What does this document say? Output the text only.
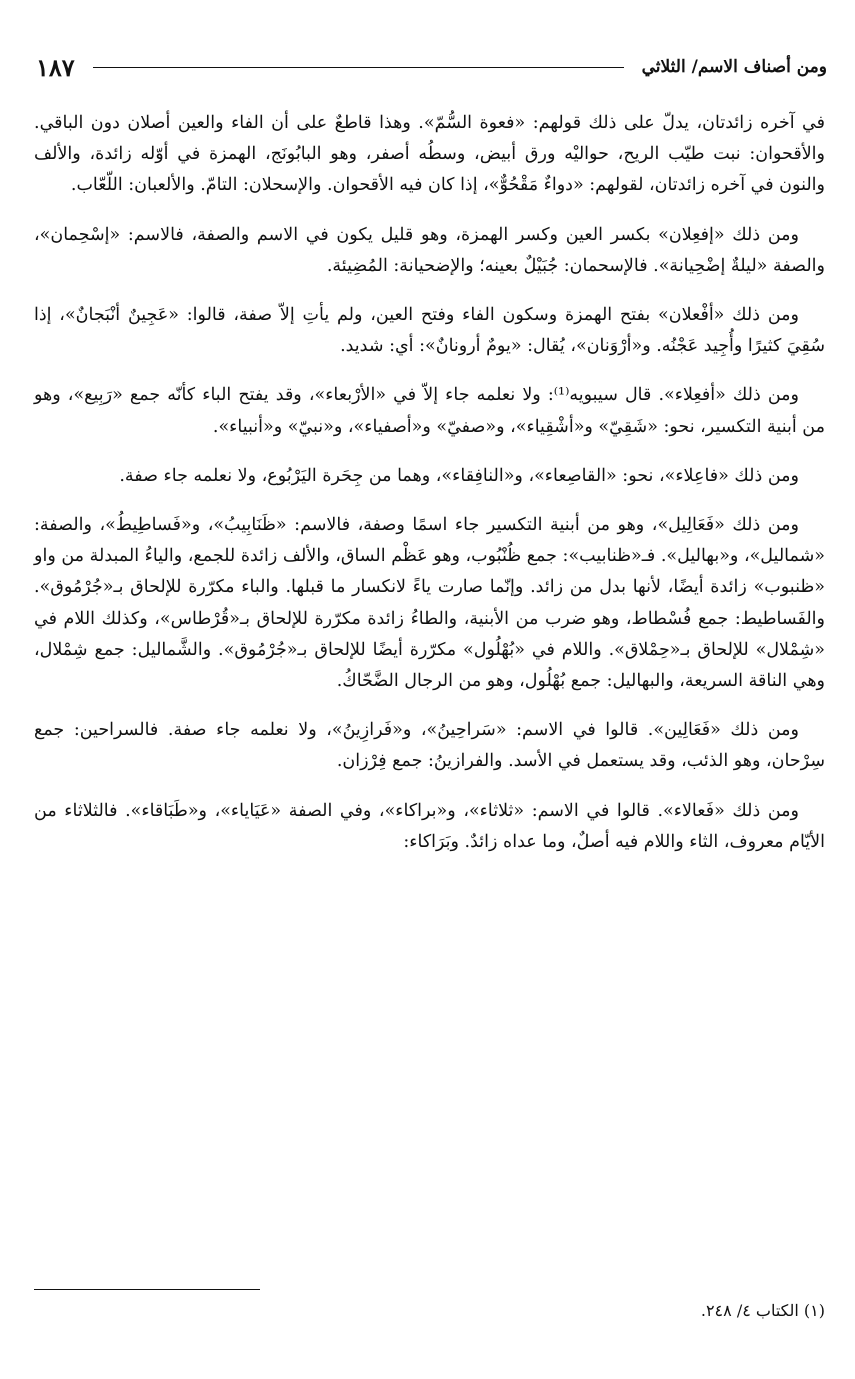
ومن أصناف الاسم/ الثلاثي
١٨٧

في آخره زائدتان، يدلّ على ذلك قولهم: «فعوة السُّمّ». وهذا قاطعٌ على أن الفاء والعين أصلان دون الباقي. والأقحوان: نبت طيّب الريح، حواليْه ورق أبيض، وسطُه أصفر، وهو البابُونَج، الهمزة في أوّله زائدة، والألف والنون في آخره زائدتان، لقولهم: «دواءٌ مَقْحُوٌّ»، إذا كان فيه الأقحوان. والإسحلان: التامّ. والألعبان: اللّعّاب.

ومن ذلك «إفعِلان» بكسر العين وكسر الهمزة، وهو قليل يكون في الاسم والصفة، فالاسم: «إسْحِمان»، والصفة «ليلةٌ إضْحِيانة». فالإسحمان: جُبَيْلٌ بعينه؛ والإضحيانة: المُضِيئة.

ومن ذلك «أفْعلان» بفتح الهمزة وسكون الفاء وفتح العين، ولم يأتِ إلاّ صفة، قالوا: «عَجِينٌ أنْبَجانٌ»، إذا سُقِيَ كثيرًا وأُجِيد عَجْنُه. و«أرْوَنان»، يُقال: «يومٌ أرونانٌ»: أي: شديد.

ومن ذلك «أفعِلاء». قال سيبويه⁽¹⁾: ولا نعلمه جاء إلاّ في «الأرْبعاء»، وقد يفتح الباء كأنّه جمع «رَبِيع»، وهو من أبنية التكسير، نحو: «شَقِيّ» و«أشْقِياء»، و«صفيّ» و«أصفياء»، و«نبيّ» و«أنبياء».

ومن ذلك «فاعِلاء»، نحو: «القاصِعاء»، و«النافِقاء»، وهما من جِحَرة اليَرْبُوع، ولا نعلمه جاء صفة.

ومن ذلك «فَعَالِيل»، وهو من أبنية التكسير جاء اسمًا وصفة، فالاسم: «ظَنَابِيبُ»، و«فَساطِيطُ»، والصفة: «شماليل»، و«بهاليل». فـ«ظنابيب»: جمع ظُنْبُوب، وهو عَظْم الساق، والألف زائدة للجمع، والياءُ المبدلة من واو «ظنبوب» زائدة أيضًا، لأنها بدل من زائد. وإنّما صارت ياءً لانكسار ما قبلها. والباء مكرّرة للإلحاق بـ«جُرْمُوق». والفَساطيط: جمع فُسْطاط، وهو ضرب من الأبنية، والطاءُ زائدة مكرّرة للإلحاق بـ«قُرْطاس»، وكذلك اللام في «شِمْلال» للإلحاق بـ«حِمْلاق». واللام في «بُهْلُول» مكرّرة أيضًا للإلحاق بـ«جُرْمُوق». والشَّماليل: جمع شِمْلال، وهي الناقة السريعة، والبهاليل: جمع بُهْلُول، وهو من الرجال الضَّحّاكُ.

ومن ذلك «فَعَالِين». قالوا في الاسم: «سَراحِينُ»، و«فَرازِينُ»، ولا نعلمه جاء صفة. فالسراحين: جمع سِرْحان، وهو الذئب، وقد يستعمل في الأسد. والفرازينُ: جمع فِرْزان.

ومن ذلك «فَعالاء». قالوا في الاسم: «ثلاثاء»، و«براكاء»، وفي الصفة «عَيَاياء»، و«طَبَاقاء». فالثلاثاء من الأيّام معروف، الثاء واللام فيه أصلٌ، وما عداه زائدٌ. وبَرَاكاء:

(١) الكتاب ٤/ ٢٤٨.
